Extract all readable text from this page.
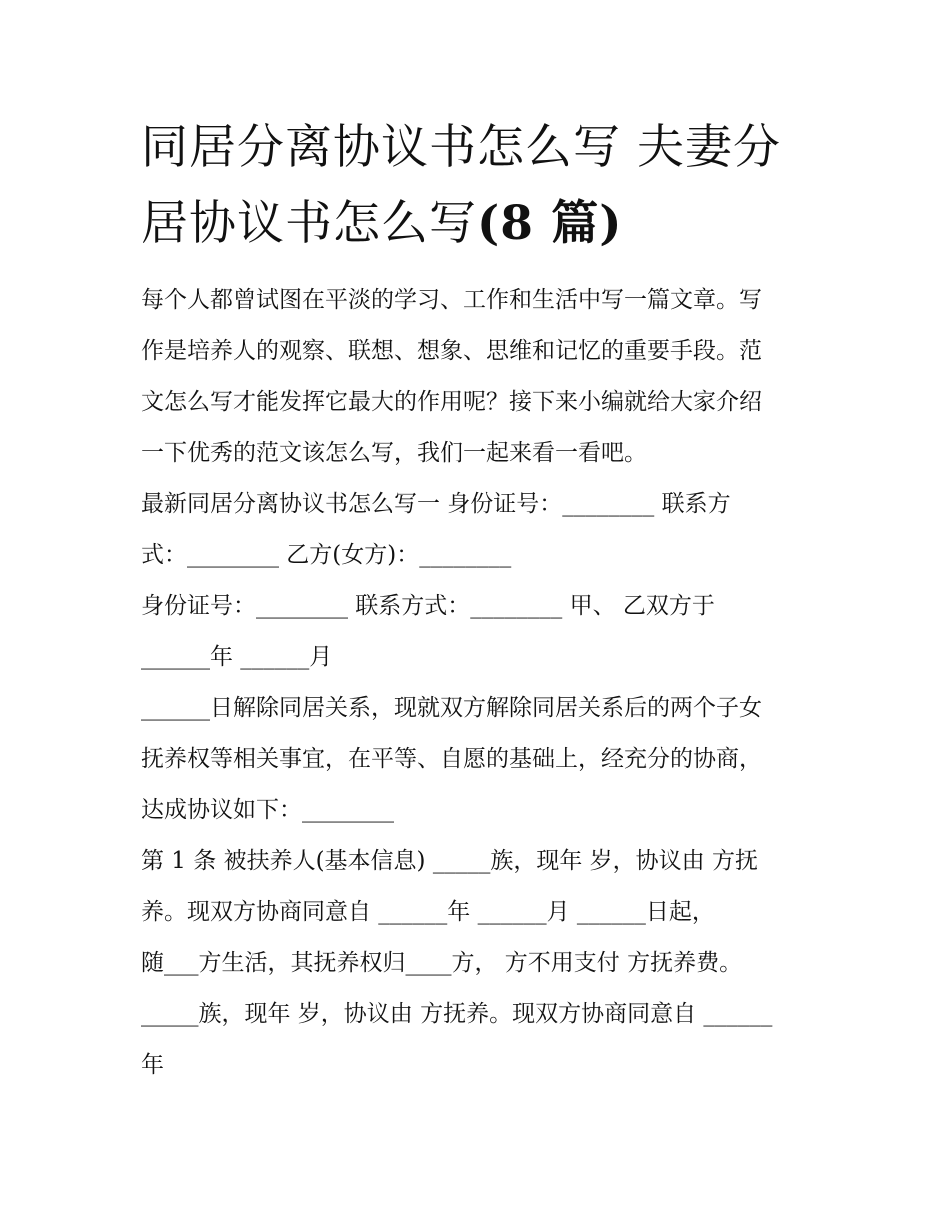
同居分离协议书怎么写 夫妻分
居协议书怎么写(8 篇)

每个人都曾试图在平淡的学习、工作和生活中写一篇文章。写

作是培养人的观察、联想、想象、思维和记忆的重要手段。范

文怎么写才能发挥它最大的作用呢？接下来小编就给大家介绍

一下优秀的范文该怎么写，我们一起来看一看吧。

最新同居分离协议书怎么写一 身份证号：________ 联系方

式：________ 乙方(女方)：________

身份证号：________ 联系方式：________ 甲、 乙双方于

______年 ______月

______日解除同居关系，现就双方解除同居关系后的两个子女

抚养权等相关事宜，在平等、自愿的基础上，经充分的协商，

达成协议如下：________

第 1 条 被扶养人(基本信息) _____族，现年 岁，协议由 方抚

养。现双方协商同意自 ______年 ______月 ______日起，

随___方生活，其抚养权归____方， 方不用支付 方抚养费。

_____族，现年 岁，协议由 方抚养。现双方协商同意自 ______

年
